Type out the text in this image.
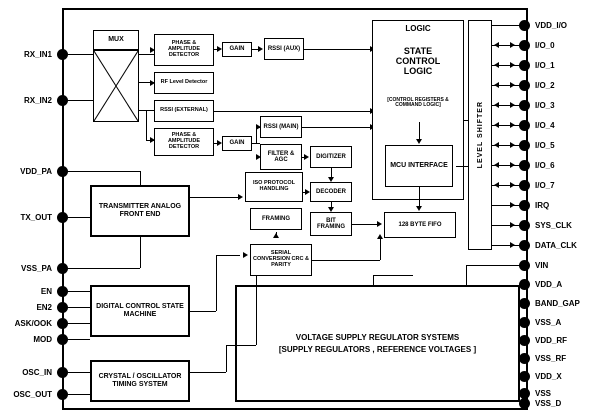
RX_IN1
RX_IN2
VDD_PA
TX_OUT
VSS_PA
EN
EN2
ASK/OOK
MOD
OSC_IN
OSC_OUT
VDD_I/O
I/O_0
I/O_1
I/O_2
I/O_3
I/O_4
I/O_5
I/O_6
I/O_7
IRQ
SYS_CLK
DATA_CLK
VIN
VDD_A
BAND_GAP
VSS_A
VDD_RF
VSS_RF
VDD_X
VSS
VSS_D
MUX	PHASE & AMPLITUDE DETECTOR
RF Level Detector
RSSI (EXTERNAL)
GAIN	RSSI (AUX)
PHASE & AMPLITUDE DETECTOR
GAIN
RSSI (MAIN)
FILTER & AGC
DIGITIZER
DECODER
BIT FRAMING
ISO PROTOCOL HANDLING
FRAMING
SERIAL CONVERSION CRC & PARITY
128 BYTE FIFO
LOGIC
STATE CONTROL LOGIC
[CONTROL REGISTERS & COMMAND LOGIC]
MCU INTERFACE	LEVEL SHIFTER
TRANSMITTER ANALOG FRONT END
DIGITAL CONTROL STATE MACHINE
CRYSTAL / OSCILLATOR TIMING SYSTEM
VOLTAGE SUPPLY REGULATOR SYSTEMS
[SUPPLY REGULATORS , REFERENCE VOLTAGES ]
